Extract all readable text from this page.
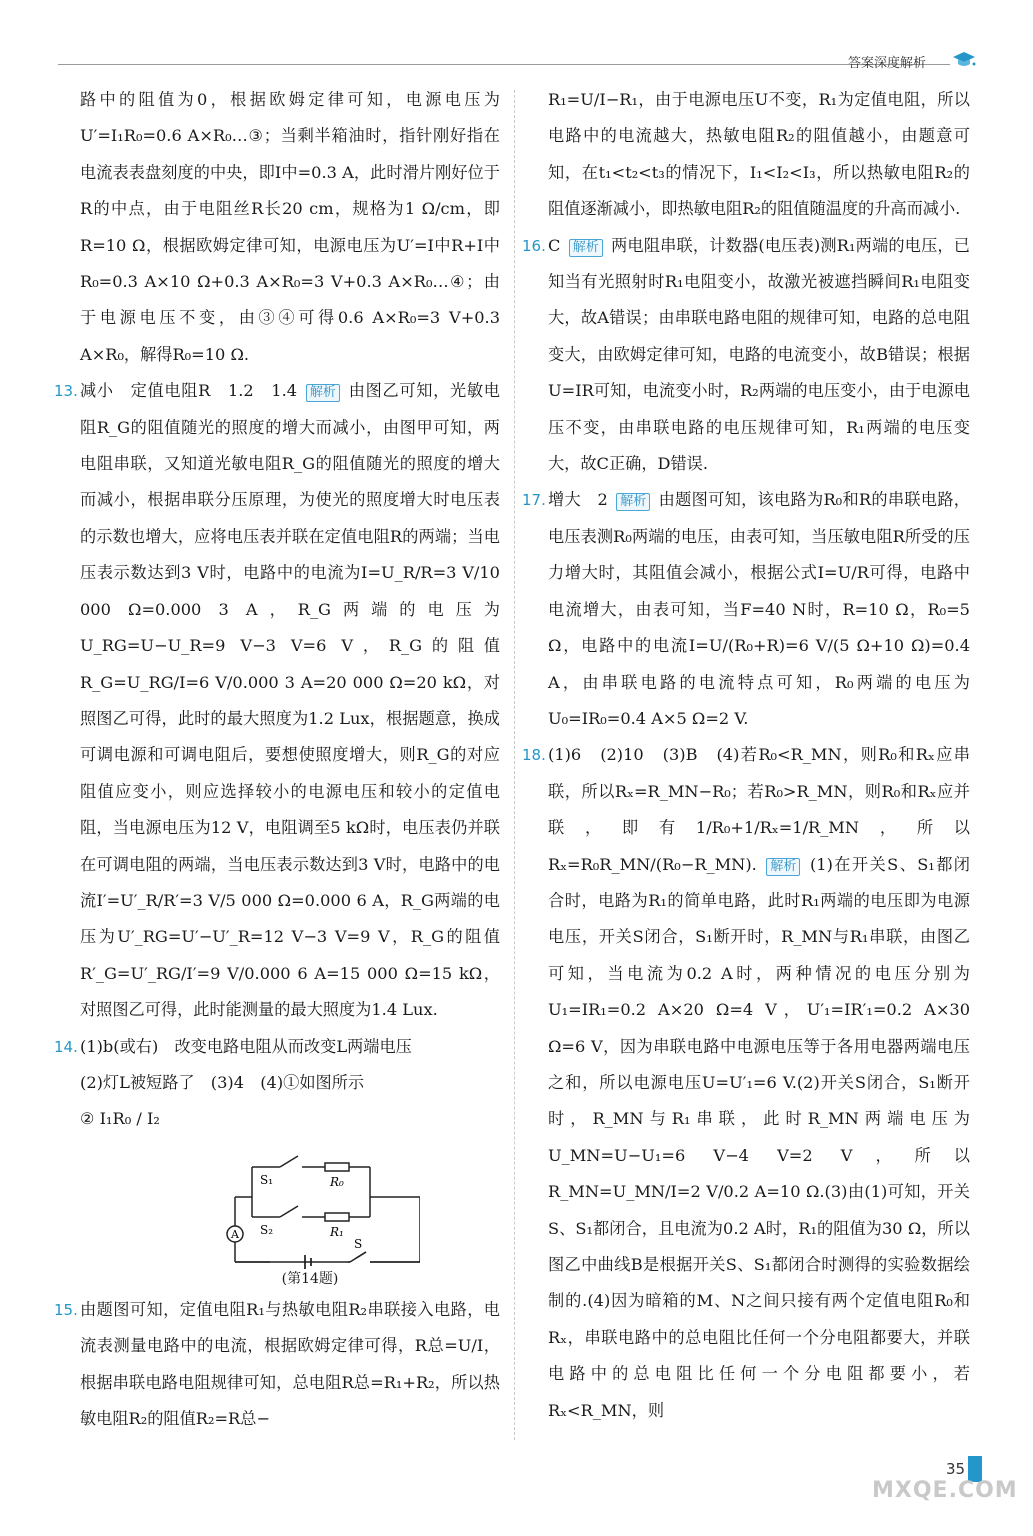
答案深度解析
路中的阻值为0，根据欧姆定律可知，电源电压为U′=I₁R₀=0.6 A×R₀…③；当剩半箱油时，指针刚好指在电流表表盘刻度的中央，即I中=0.3 A，此时滑片刚好位于R的中点，由于电阻丝R长20 cm，规格为1 Ω/cm，即R=10 Ω，根据欧姆定律可知，电源电压为U′=I中R+I中R₀=0.3 A×10 Ω+0.3 A×R₀=3 V+0.3 A×R₀…④；由于电源电压不变，由③④可得0.6 A×R₀=3 V+0.3 A×R₀，解得R₀=10 Ω.
13. 减小　定值电阻R　1.2　1.4 解析 由图乙可知，光敏电阻R_G的阻值随光的照度的增大而减小，由图甲可知，两电阻串联，又知道光敏电阻R_G的阻值随光的照度的增大而减小，根据串联分压原理，为使光的照度增大时电压表的示数也增大，应将电压表并联在定值电阻R的两端；当电压表示数达到3 V时，电路中的电流为I=U_R/R=3 V/10 000 Ω=0.000 3 A，R_G两端的电压为U_RG=U−U_R=9 V−3 V=6 V，R_G的阻值R_G=U_RG/I=6 V/0.000 3 A=20 000 Ω=20 kΩ，对照图乙可得，此时的最大照度为1.2 Lux，根据题意，换成可调电源和可调电阻后，要想使照度增大，则R_G的对应阻值应变小，则应选择较小的电源电压和较小的定值电阻，当电源电压为12 V，电阻调至5 kΩ时，电压表仍并联在可调电阻的两端，当电压表示数达到3 V时，电路中的电流I′=U′_R/R′=3 V/5 000 Ω=0.000 6 A，R_G两端的电压为U′_RG=U′−U′_R=12 V−3 V=9 V，R_G的阻值R′_G=U′_RG/I′=9 V/0.000 6 A=15 000 Ω=15 kΩ，对照图乙可得，此时能测量的最大照度为1.4 Lux.
14. (1)b(或右)　改变电路电阻从而改变L两端电压
(2)灯L被短路了　(3)4　(4)①如图所示
② I₁R₀ / I₂
A
S₁	R₀
S₂	R₁
S
(第14题)
15. 由题图可知，定值电阻R₁与热敏电阻R₂串联接入电路，电流表测量电路中的电流，根据欧姆定律可得，R总=U/I，根据串联电路电阻规律可知，总电阻R总=R₁+R₂，所以热敏电阻R₂的阻值R₂=R总−
R₁=U/I−R₁，由于电源电压U不变，R₁为定值电阻，所以电路中的电流越大，热敏电阻R₂的阻值越小，由题意可知，在t₁<t₂<t₃的情况下，I₁<I₂<I₃，所以热敏电阻R₂的阻值逐渐减小，即热敏电阻R₂的阻值随温度的升高而减小.
16. C 解析 两电阻串联，计数器(电压表)测R₁两端的电压，已知当有光照射时R₁电阻变小，故激光被遮挡瞬间R₁电阻变大，故A错误；由串联电路电阻的规律可知，电路的总电阻变大，由欧姆定律可知，电路的电流变小，故B错误；根据U=IR可知，电流变小时，R₂两端的电压变小，由于电源电压不变，由串联电路的电压规律可知，R₁两端的电压变大，故C正确，D错误.
17. 增大　2 解析 由题图可知，该电路为R₀和R的串联电路，电压表测R₀两端的电压，由表可知，当压敏电阻R所受的压力增大时，其阻值会减小，根据公式I=U/R可得，电路中电流增大，由表可知，当F=40 N时，R=10 Ω，R₀=5 Ω，电路中的电流I=U/(R₀+R)=6 V/(5 Ω+10 Ω)=0.4 A，由串联电路的电流特点可知，R₀两端的电压为U₀=IR₀=0.4 A×5 Ω=2 V.
18. (1)6　(2)10　(3)B　(4)若R₀<R_MN，则R₀和Rₓ应串联，所以Rₓ=R_MN−R₀；若R₀>R_MN，则R₀和Rₓ应并联，即有1/R₀+1/Rₓ=1/R_MN，所以Rₓ=R₀R_MN/(R₀−R_MN). 解析 (1)在开关S、S₁都闭合时，电路为R₁的简单电路，此时R₁两端的电压即为电源电压，开关S闭合，S₁断开时，R_MN与R₁串联，由图乙可知，当电流为0.2 A时，两种情况的电压分别为U₁=IR₁=0.2 A×20 Ω=4 V，U′₁=IR′₁=0.2 A×30 Ω=6 V，因为串联电路中电源电压等于各用电器两端电压之和，所以电源电压U=U′₁=6 V.(2)开关S闭合，S₁断开时，R_MN与R₁串联，此时R_MN两端电压为U_MN=U−U₁=6 V−4 V=2 V，所以R_MN=U_MN/I=2 V/0.2 A=10 Ω.(3)由(1)可知，开关S、S₁都闭合，且电流为0.2 A时，R₁的阻值为30 Ω，所以图乙中曲线B是根据开关S、S₁都闭合时测得的实验数据绘制的.(4)因为暗箱的M、N之间只接有两个定值电阻R₀和Rₓ，串联电路中的总电阻比任何一个分电阻都要大，并联电路中的总电阻比任何一个分电阻都要小，若Rₓ<R_MN，则
35
MXQE.COM
